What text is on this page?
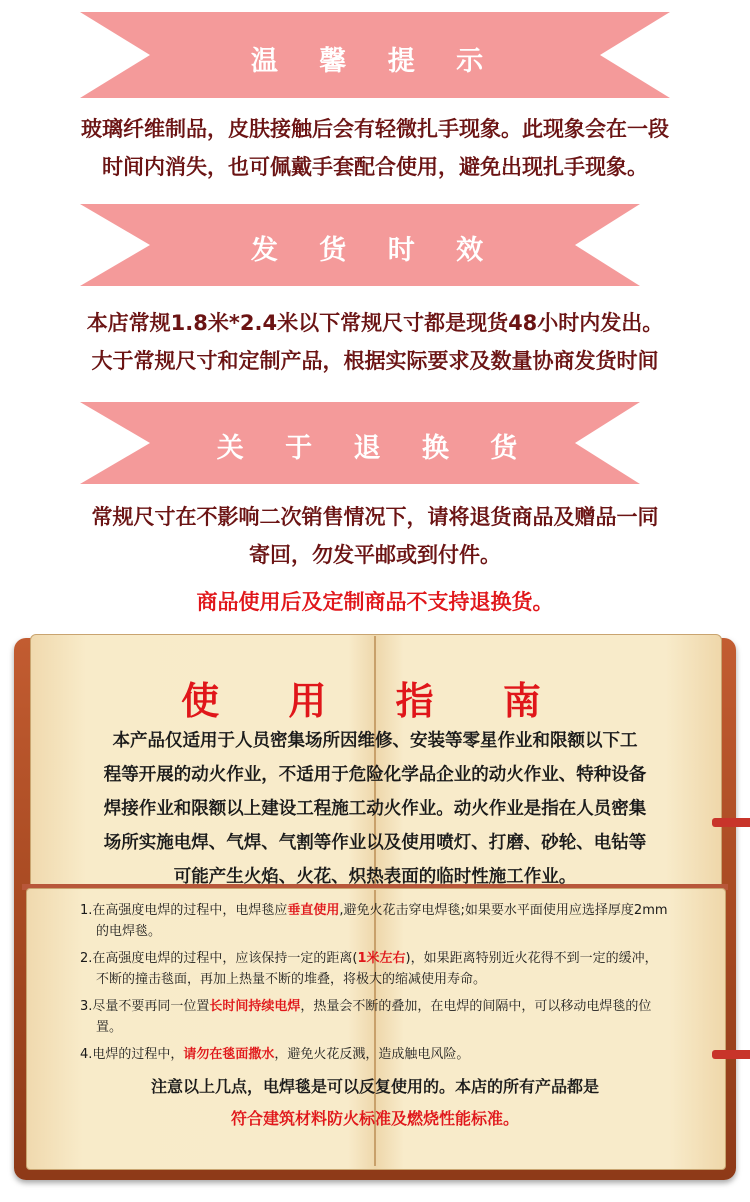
温 馨 提 示
玻璃纤维制品，皮肤接触后会有轻微扎手现象。此现象会在一段
时间内消失，也可佩戴手套配合使用，避免出现扎手现象。
发 货 时 效
本店常规1.8米*2.4米以下常规尺寸都是现货48小时内发出。
大于常规尺寸和定制产品，根据实际要求及数量协商发货时间
关 于 退 换 货
常规尺寸在不影响二次销售情况下，请将退货商品及赠品一同
寄回，勿发平邮或到付件。
商品使用后及定制商品不支持退换货。
使 用 指 南
本产品仅适用于人员密集场所因维修、安装等零星作业和限额以下工
程等开展的动火作业，不适用于危险化学品企业的动火作业、特种设备
焊接作业和限额以上建设工程施工动火作业。动火作业是指在人员密集
场所实施电焊、气焊、气割等作业以及使用喷灯、打磨、砂轮、电钻等
可能产生火焰、火花、炽热表面的临时性施工作业。
1.在高强度电焊的过程中，电焊毯应垂直使用,避免火花击穿电焊毯;如果要水平面使用应选择厚度2mm的电焊毯。
2.在高强度电焊的过程中，应该保持一定的距离(1米左右)，如果距离特别近火花得不到一定的缓冲，不断的撞击毯面，再加上热量不断的堆叠，将极大的缩减使用寿命。
3.尽量不要再同一位置长时间持续电焊，热量会不断的叠加，在电焊的间隔中，可以移动电焊毯的位置。
4.电焊的过程中，请勿在毯面撒水，避免火花反溅，造成触电风险。
注意以上几点，电焊毯是可以反复使用的。本店的所有产品都是
符合建筑材料防火标准及燃烧性能标准。
